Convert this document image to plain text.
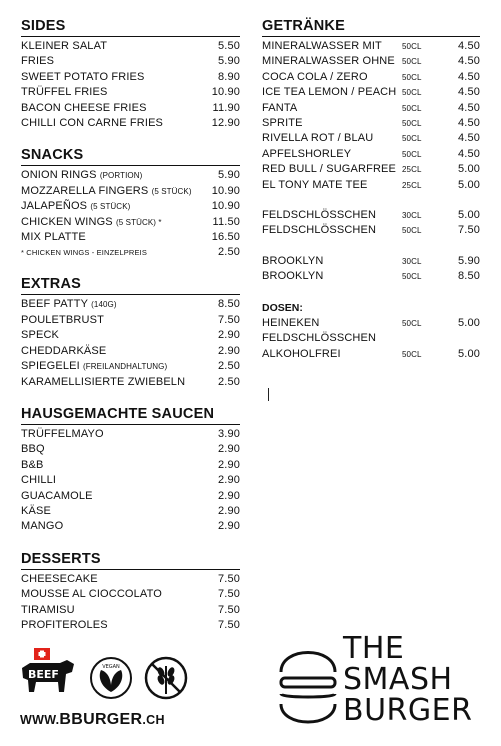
SIDES
KLEINER SALAT	5.50
FRIES	5.90
SWEET POTATO FRIES	8.90
TRÜFFEL FRIES	10.90
BACON CHEESE FRIES	11.90
CHILLI CON CARNE FRIES	12.90
SNACKS
ONION RINGS (PORTION)	5.90
MOZZARELLA FINGERS (5 STÜCK)	10.90
JALAPEÑOS (5 STÜCK)	10.90
CHICKEN WINGS (5 STÜCK) *	11.50
MIX PLATTE	16.50
* CHICKEN WINGS - EINZELPREIS	2.50
EXTRAS
BEEF PATTY (140G)	8.50
POULETBRUST	7.50
SPECK	2.90
CHEDDARKÄSE	2.90
SPIEGELEI (FREILANDHALTUNG)	2.50
KARAMELLISIERTE ZWIEBELN	2.50
HAUSGEMACHTE SAUCEN
TRÜFFELMAYO	3.90
BBQ	2.90
B&B	2.90
CHILLI	2.90
GUACAMOLE	2.90
KÄSE	2.90
MANGO	2.90
DESSERTS
CHEESECAKE	7.50
MOUSSE AL CIOCCOLATO	7.50
TIRAMISU	7.50
PROFITEROLES	7.50
GETRÄNKE
MINERALWASSER MIT	50CL	4.50
MINERALWASSER OHNE 50CL	4.50
COCA COLA / ZERO	50CL	4.50
ICE TEA LEMON / PEACH 50CL	4.50
FANTA	50CL	4.50
SPRITE	50CL	4.50
RIVELLA ROT / BLAU	50CL	4.50
APFELSHORLEY	50CL	4.50
RED BULL / SUGARFREE 25CL	5.00
EL TONY MATE TEE	25CL	5.00
FELDSCHLÖSSCHEN	30CL	5.00
FELDSCHLÖSSCHEN	50CL	7.50
BROOKLYN	30CL	5.90
BROOKLYN	50CL	8.50
DOSEN:
HEINEKEN	50CL	5.00
FELDSCHLÖSSCHEN
ALKOHOLFREI	50CL	5.00
BEEF
VEGAN
WWW.BBURGER.CH
THE
SMASH
BURGER
